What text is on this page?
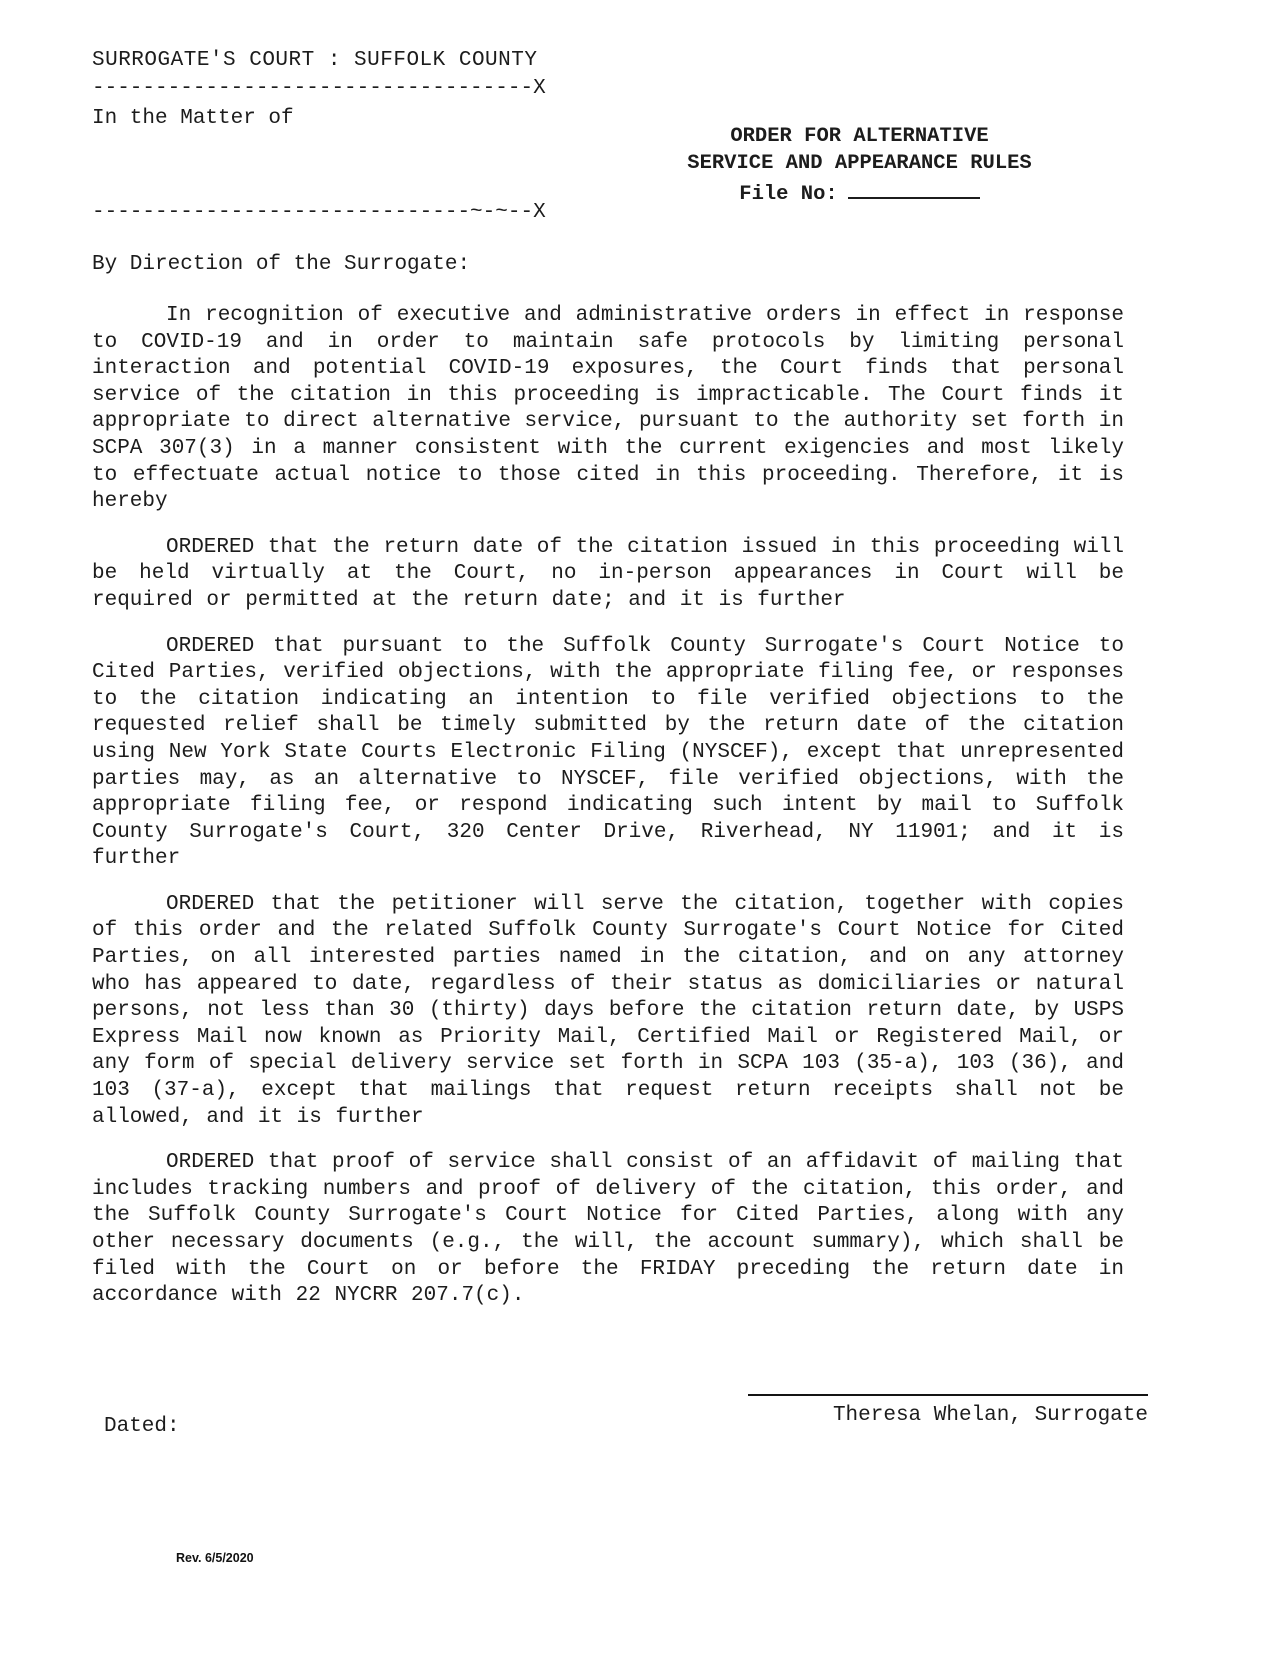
SURROGATE'S COURT : SUFFOLK COUNTY
-----------------------------------X
In the Matter of
ORDER FOR ALTERNATIVE
SERVICE AND APPEARANCE RULES
File No:
------------------------------~-~--X
By Direction of the Surrogate:

In recognition of executive and administrative orders in effect in response to COVID-19 and in order to maintain safe protocols by limiting personal interaction and potential COVID-19 exposures, the Court finds that personal service of the citation in this proceeding is impracticable. The Court finds it appropriate to direct alternative service, pursuant to the authority set forth in SCPA 307(3) in a manner consistent with the current exigencies and most likely to effectuate actual notice to those cited in this proceeding. Therefore, it is hereby

ORDERED that the return date of the citation issued in this proceeding will be held virtually at the Court, no in-person appearances in Court will be required or permitted at the return date; and it is further

ORDERED that pursuant to the Suffolk County Surrogate's Court Notice to Cited Parties, verified objections, with the appropriate filing fee, or responses to the citation indicating an intention to file verified objections to the requested relief shall be timely submitted by the return date of the citation using New York State Courts Electronic Filing (NYSCEF), except that unrepresented parties may, as an alternative to NYSCEF, file verified objections, with the appropriate filing fee, or respond indicating such intent by mail to Suffolk County Surrogate's Court, 320 Center Drive, Riverhead, NY 11901; and it is further

ORDERED that the petitioner will serve the citation, together with copies of this order and the related Suffolk County Surrogate's Court Notice for Cited Parties, on all interested parties named in the citation, and on any attorney who has appeared to date, regardless of their status as domiciliaries or natural persons, not less than 30 (thirty) days before the citation return date, by USPS Express Mail now known as Priority Mail, Certified Mail or Registered Mail, or any form of special delivery service set forth in SCPA 103 (35-a), 103 (36), and 103 (37-a), except that mailings that request return receipts shall not be allowed, and it is further

ORDERED that proof of service shall consist of an affidavit of mailing that includes tracking numbers and proof of delivery of the citation, this order, and the Suffolk County Surrogate's Court Notice for Cited Parties, along with any other necessary documents (e.g., the will, the account summary), which shall be filed with the Court on or before the FRIDAY preceding the return date in accordance with 22 NYCRR 207.7(c).

Dated:	Theresa Whelan, Surrogate
Rev. 6/5/2020
